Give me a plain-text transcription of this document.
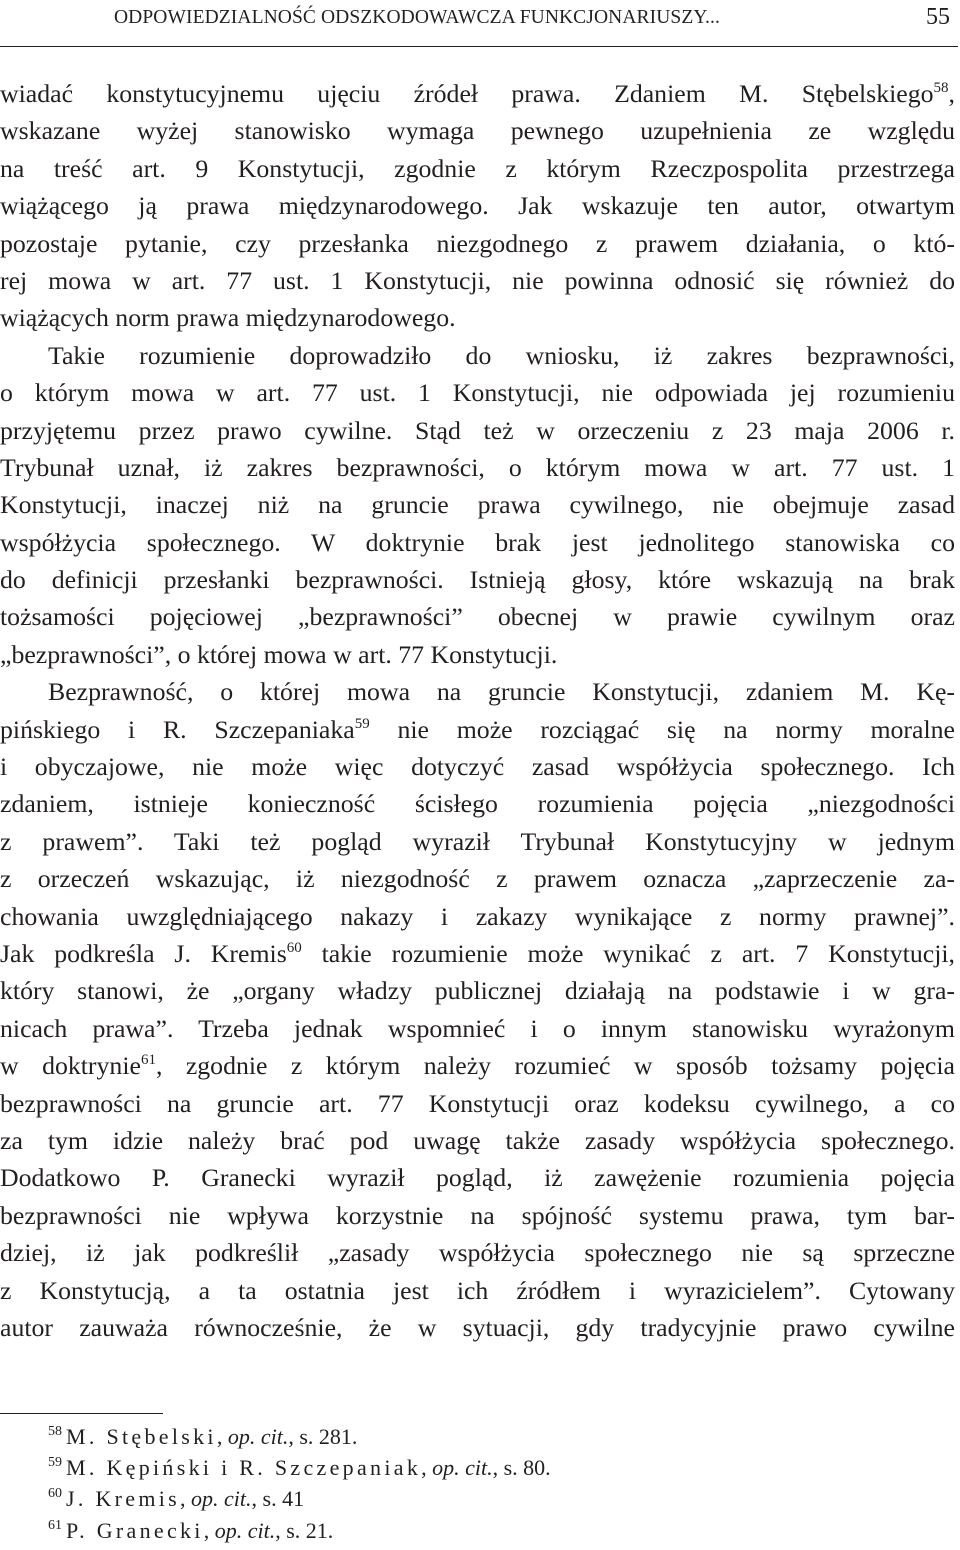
ODPOWIEDZIALNOŚĆ ODSZKODOWAWCZA FUNKCJONARIUSZY...	55
wiadać konstytucyjnemu ujęciu źródeł prawa. Zdaniem M. Stębelskiego$^{58}$,
wskazane wyżej stanowisko wymaga pewnego uzupełnienia ze względu
na treść art. 9 Konstytucji, zgodnie z którym Rzeczpospolita przestrzega
wiążącego ją prawa międzynarodowego. Jak wskazuje ten autor, otwartym
pozostaje pytanie, czy przesłanka niezgodnego z prawem działania, o któ-
rej mowa w art. 77 ust. 1 Konstytucji, nie powinna odnosić się również do
wiążących norm prawa międzynarodowego.
Takie rozumienie doprowadziło do wniosku, iż zakres bezprawności,
o którym mowa w art. 77 ust. 1 Konstytucji, nie odpowiada jej rozumieniu
przyjętemu przez prawo cywilne. Stąd też w orzeczeniu z 23 maja 2006 r.
Trybunał uznał, iż zakres bezprawności, o którym mowa w art. 77 ust. 1
Konstytucji, inaczej niż na gruncie prawa cywilnego, nie obejmuje zasad
współżycia społecznego. W doktrynie brak jest jednolitego stanowiska co
do definicji przesłanki bezprawności. Istnieją głosy, które wskazują na brak
tożsamości pojęciowej „bezprawności” obecnej w prawie cywilnym oraz
„bezprawności”, o której mowa w art. 77 Konstytucji.
Bezprawność, o której mowa na gruncie Konstytucji, zdaniem M. Kę-
pińskiego i R. Szczepaniaka$^{59}$ nie może rozciągać się na normy moralne
i obyczajowe, nie może więc dotyczyć zasad współżycia społecznego. Ich
zdaniem, istnieje konieczność ścisłego rozumienia pojęcia „niezgodności
z prawem”. Taki też pogląd wyraził Trybunał Konstytucyjny w jednym
z orzeczeń wskazując, iż niezgodność z prawem oznacza „zaprzeczenie za-
chowania uwzględniającego nakazy i zakazy wynikające z normy prawnej”.
Jak podkreśla J. Kremis$^{60}$ takie rozumienie może wynikać z art. 7 Konstytucji,
który stanowi, że „organy władzy publicznej działają na podstawie i w gra-
nicach prawa”. Trzeba jednak wspomnieć i o innym stanowisku wyrażonym
w doktrynie$^{61}$, zgodnie z którym należy rozumieć w sposób tożsamy pojęcia
bezprawności na gruncie art. 77 Konstytucji oraz kodeksu cywilnego, a co
za tym idzie należy brać pod uwagę także zasady współżycia społecznego.
Dodatkowo P. Granecki wyraził pogląd, iż zawężenie rozumienia pojęcia
bezprawności nie wpływa korzystnie na spójność systemu prawa, tym bar-
dziej, iż jak podkreślił „zasady współżycia społecznego nie są sprzeczne
z Konstytucją, a ta ostatnia jest ich źródłem i wyrazicielem”. Cytowany
autor zauważa równocześnie, że w sytuacji, gdy tradycyjnie prawo cywilne
$^{58}$ M. Stębelski, op. cit., s. 281.
$^{59}$ M. Kępiński i R. Szczepaniak, op. cit., s. 80.
$^{60}$ J. Kremis, op. cit., s. 41
$^{61}$ P. Granecki, op. cit., s. 21.
